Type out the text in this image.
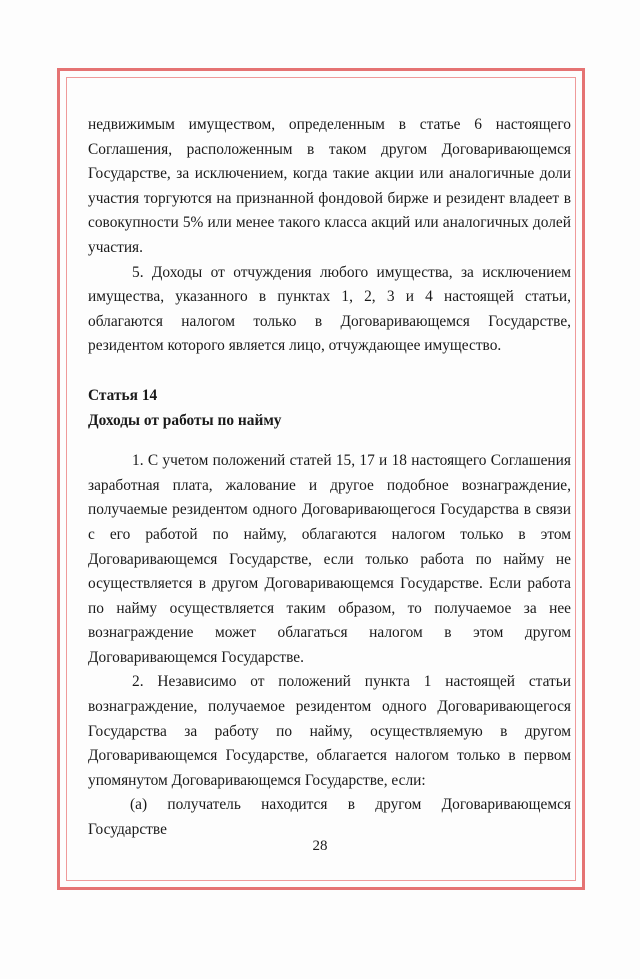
недвижимым имуществом, определенным в статье 6 настоящего Соглашения, расположенным в таком другом Договаривающемся Государстве, за исключением, когда такие акции или аналогичные доли участия торгуются на признанной фондовой бирже и резидент владеет в совокупности 5% или менее такого класса акций или аналогичных долей участия.

5. Доходы от отчуждения любого имущества, за исключением имущества, указанного в пунктах 1, 2, 3 и 4 настоящей статьи, облагаются налогом только в Договаривающемся Государстве, резидентом которого является лицо, отчуждающее имущество.

Статья 14

Доходы от работы по найму

1. С учетом положений статей 15, 17 и 18 настоящего Соглашения заработная плата, жалование и другое подобное вознаграждение, получаемые резидентом одного Договаривающегося Государства в связи с его работой по найму, облагаются налогом только в этом Договаривающемся Государстве, если только работа по найму не осуществляется в другом Договаривающемся Государстве. Если работа по найму осуществляется таким образом, то получаемое за нее вознаграждение может облагаться налогом в этом другом Договаривающемся Государстве.

2. Независимо от положений пункта 1 настоящей статьи вознаграждение, получаемое резидентом одного Договаривающегося Государства за работу по найму, осуществляемую в другом Договаривающемся Государстве, облагается налогом только в первом упомянутом Договаривающемся Государстве, если:

(а) получатель находится в другом Договаривающемся Государстве

28
